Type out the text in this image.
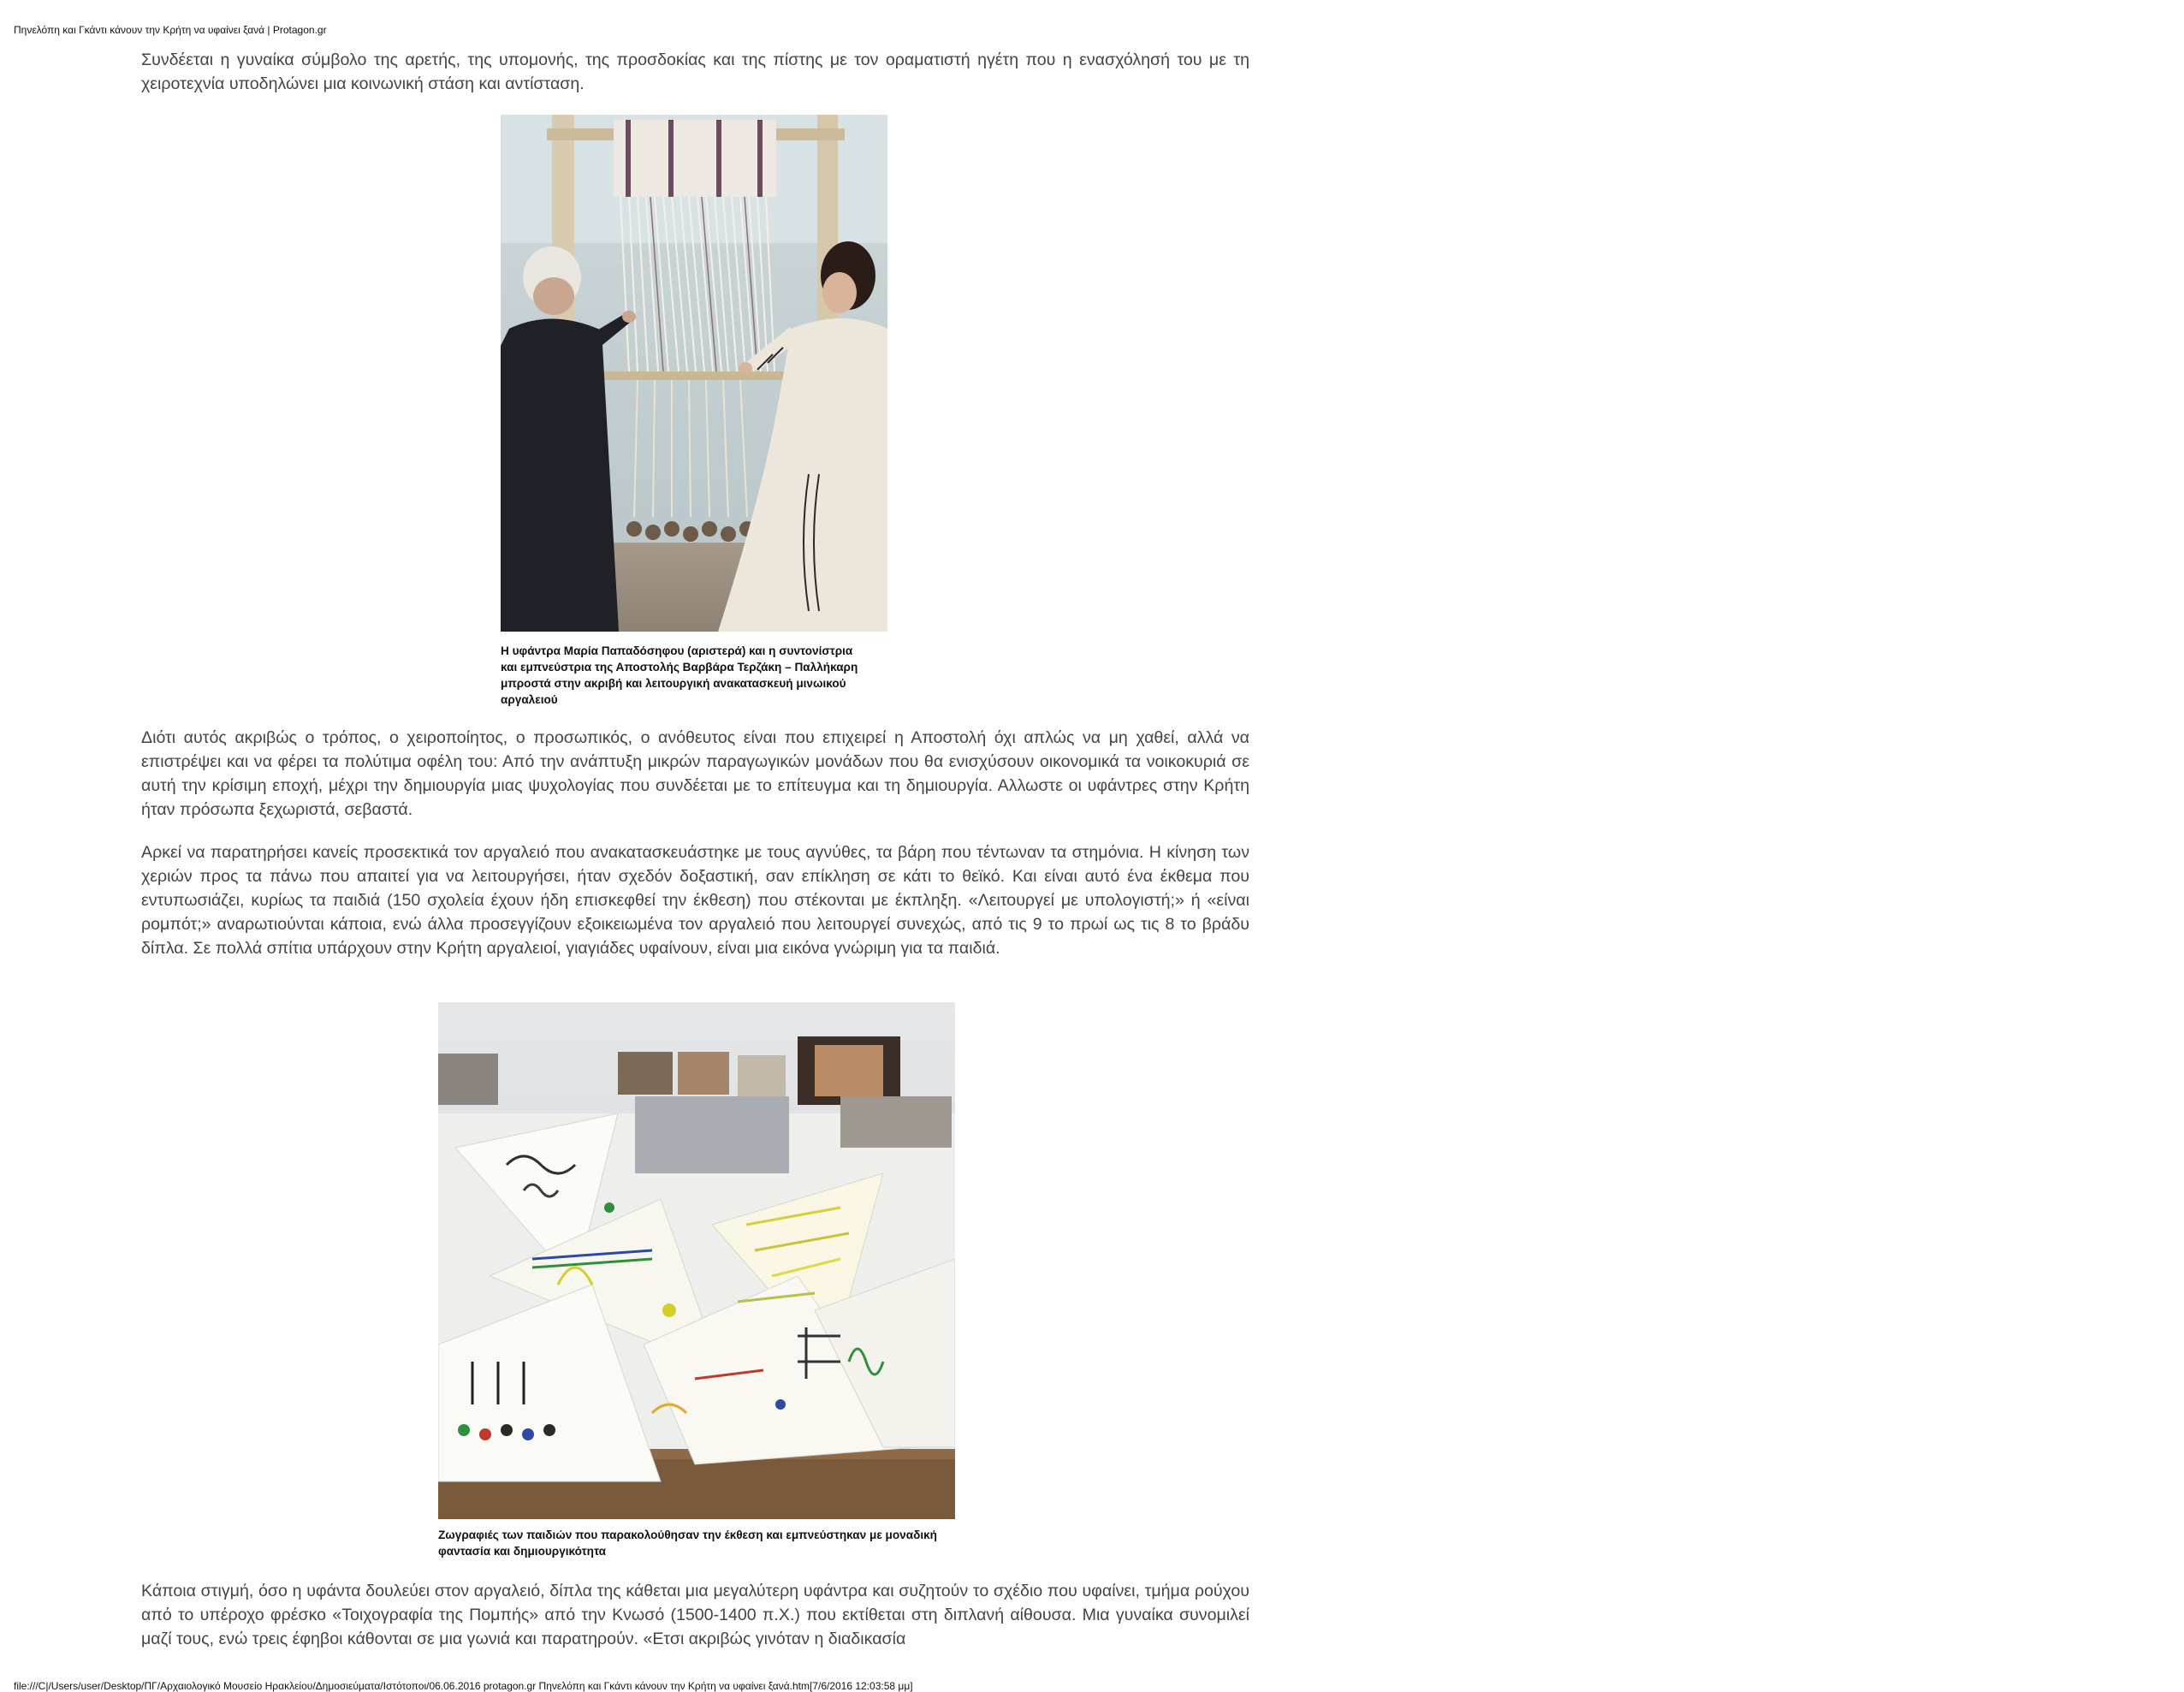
Πηνελόπη και Γκάντι κάνουν την Κρήτη να υφαίνει ξανά | Protagon.gr

Συνδέεται η γυναίκα σύμβολο της αρετής, της υπομονής, της προσδοκίας και της πίστης με τον οραματιστή ηγέτη που η ενασχόλησή του με τη χειροτεχνία υποδηλώνει μια κοινωνική στάση και αντίσταση.

Η υφάντρα Μαρία Παπαδόσηφου (αριστερά) και η συντονίστρια και εμπνεύστρια της Αποστολής Βαρβάρα Τερζάκη – Παλλήκαρη μπροστά στην ακριβή και λειτουργική ανακατασκευή μινωικού αργαλειού

Διότι αυτός ακριβώς ο τρόπος, ο χειροποίητος, ο προσωπικός, ο ανόθευτος είναι που επιχειρεί η Αποστολή όχι απλώς να μη χαθεί, αλλά να επιστρέψει και να φέρει τα πολύτιμα οφέλη του: Από την ανάπτυξη μικρών παραγωγικών μονάδων που θα ενισχύσουν οικονομικά τα νοικοκυριά σε αυτή την κρίσιμη εποχή, μέχρι την δημιουργία μιας ψυχολογίας που συνδέεται με το επίτευγμα και τη δημιουργία. Αλλωστε οι υφάντρες στην Κρήτη ήταν πρόσωπα ξεχωριστά, σεβαστά.

Αρκεί να παρατηρήσει κανείς προσεκτικά τον αργαλειό που ανακατασκευάστηκε με τους αγνύθες, τα βάρη που τέντωναν τα στημόνια. Η κίνηση των χεριών προς τα πάνω που απαιτεί για να λειτουργήσει, ήταν σχεδόν δοξαστική, σαν επίκληση σε κάτι το θεϊκό. Και είναι αυτό ένα έκθεμα που εντυπωσιάζει, κυρίως τα παιδιά (150 σχολεία έχουν ήδη επισκεφθεί την έκθεση) που στέκονται με έκπληξη. «Λειτουργεί με υπολογιστή;» ή «είναι ρομπότ;» αναρωτιούνται κάποια, ενώ άλλα προσεγγίζουν εξοικειωμένα τον αργαλειό που λειτουργεί συνεχώς, από τις 9 το πρωί ως τις 8 το βράδυ δίπλα. Σε πολλά σπίτια υπάρχουν στην Κρήτη αργαλειοί, γιαγιάδες υφαίνουν, είναι μια εικόνα γνώριμη για τα παιδιά.

Ζωγραφιές των παιδιών που παρακολούθησαν την έκθεση και εμπνεύστηκαν με μοναδική φαντασία και δημιουργικότητα

Κάποια στιγμή, όσο η υφάντα δουλεύει στον αργαλειό, δίπλα της κάθεται μια μεγαλύτερη υφάντρα και συζητούν το σχέδιο που υφαίνει, τμήμα ρούχου από το υπέροχο φρέσκο «Τοιχογραφία της Πομπής» από την Κνωσό (1500-1400 π.Χ.) που εκτίθεται στη διπλανή αίθουσα. Μια γυναίκα συνομιλεί μαζί τους, ενώ τρεις έφηβοι κάθονται σε μια γωνιά και παρατηρούν. «Ετσι ακριβώς γινόταν η διαδικασία

file:///C|/Users/user/Desktop/ΠΓ/Αρχαιολογικό Μουσείο Ηρακλείου/Δημοσιεύματα/Ιστότοποι/06.06.2016 protagon.gr Πηνελόπη και Γκάντι κάνουν την Κρήτη να υφαίνει ξανά.htm[7/6/2016 12:03:58 μμ]
